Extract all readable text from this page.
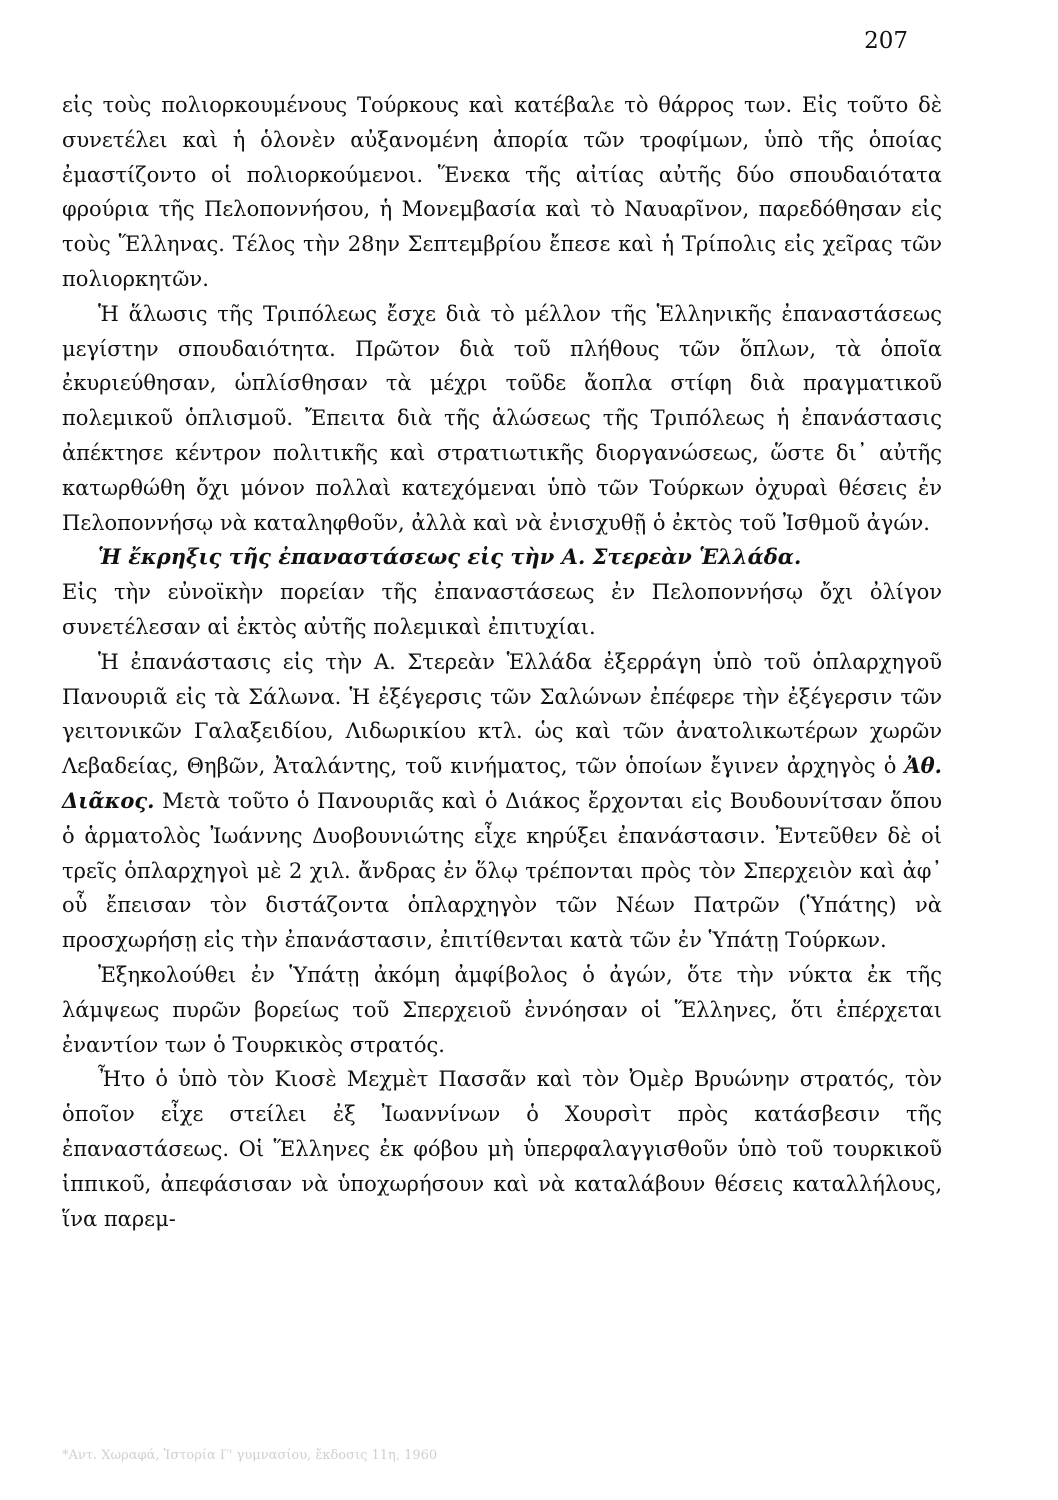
207

εἰς τοὺς πολιορκουμένους Τούρκους καὶ κατέβαλε τὸ θάρρος των. Εἰς τοῦτο δὲ συνετέλει καὶ ἡ ὁλονὲν αὐξανομένη ἀπορία τῶν τροφίμων, ὑπὸ τῆς ὁποίας ἐμαστίζοντο οἱ πολιορκούμενοι. Ἕνεκα τῆς αἰτίας αὐτῆς δύο σπουδαιότατα φρούρια τῆς Πελοποννήσου, ἡ Μονεμβασία καὶ τὸ Ναυαρῖνον, παρεδόθησαν εἰς τοὺς Ἕλληνας. Τέλος τὴν 28ην Σεπτεμβρίου ἔπεσε καὶ ἡ Τρίπολις εἰς χεῖρας τῶν πολιορκητῶν.

Ἡ ἅλωσις τῆς Τριπόλεως ἔσχε διὰ τὸ μέλλον τῆς Ἑλληνικῆς ἐπαναστάσεως μεγίστην σπουδαιότητα. Πρῶτον διὰ τοῦ πλήθους τῶν ὅπλων, τὰ ὁποῖα ἐκυριεύθησαν, ὡπλίσθησαν τὰ μέχρι τοῦδε ἄοπλα στίφη διὰ πραγματικοῦ πολεμικοῦ ὁπλισμοῦ. Ἔπειτα διὰ τῆς ἁλώσεως τῆς Τριπόλεως ἡ ἐπανάστασις ἀπέκτησε κέντρον πολιτικῆς καὶ στρατιωτικῆς διοργανώσεως, ὥστε δι᾽ αὐτῆς κατωρθώθη ὄχι μόνον πολλαὶ κατεχόμεναι ὑπὸ τῶν Τούρκων ὀχυραὶ θέσεις ἐν Πελοποννήσῳ νὰ καταληφθοῦν, ἀλλὰ καὶ νὰ ἐνισχυθῇ ὁ ἐκτὸς τοῦ Ἰσθμοῦ ἀγών.

Ἡ ἔκρηξις τῆς ἐπαναστάσεως εἰς τὴν Α. Στερεὰν Ἑλλάδα.
Εἰς τὴν εὐνοϊκὴν πορείαν τῆς ἐπαναστάσεως ἐν Πελοποννήσῳ ὄχι ὀλίγον συνετέλεσαν αἱ ἐκτὸς αὐτῆς πολεμικαὶ ἐπιτυχίαι.

Ἡ ἐπανάστασις εἰς τὴν Α. Στερεὰν Ἑλλάδα ἐξερράγη ὑπὸ τοῦ ὁπλαρχηγοῦ Πανουριᾶ εἰς τὰ Σάλωνα. Ἡ ἐξέγερσις τῶν Σαλώνων ἐπέφερε τὴν ἐξέγερσιν τῶν γειτονικῶν Γαλαξειδίου, Λιδωρικίου κτλ. ὡς καὶ τῶν ἀνατολικωτέρων χωρῶν Λεβαδείας, Θηβῶν, Ἀταλάντης, τοῦ κινήματος, τῶν ὁποίων ἔγινεν ἀρχηγὸς ὁ Ἀθ. Διᾶκος. Μετὰ τοῦτο ὁ Πανουριᾶς καὶ ὁ Διάκος ἔρχονται εἰς Βουδουνίτσαν ὅπου ὁ ἁρματολὸς Ἰωάννης Δυοβουνιώτης εἶχε κηρύξει ἐπανάστασιν. Ἐντεῦθεν δὲ οἱ τρεῖς ὁπλαρχηγοὶ μὲ 2 χιλ. ἄνδρας ἐν ὅλῳ τρέπονται πρὸς τὸν Σπερχειὸν καὶ ἀφ᾽ οὗ ἔπεισαν τὸν διστάζοντα ὁπλαρχηγὸν τῶν Νέων Πατρῶν (Ὑπάτης) νὰ προσχωρήσῃ εἰς τὴν ἐπανάστασιν, ἐπιτίθενται κατὰ τῶν ἐν Ὑπάτῃ Τούρκων.

Ἐξηκολούθει ἐν Ὑπάτῃ ἀκόμη ἀμφίβολος ὁ ἀγών, ὅτε τὴν νύκτα ἐκ τῆς λάμψεως πυρῶν βορείως τοῦ Σπερχειοῦ ἐννόησαν οἱ Ἕλληνες, ὅτι ἐπέρχεται ἐναντίον των ὁ Τουρκικὸς στρατός.

Ἦτο ὁ ὑπὸ τὸν Κιοσὲ Μεχμὲτ Πασσᾶν καὶ τὸν Ὀμὲρ Βρυώνην στρατός, τὸν ὁποῖον εἶχε στείλει ἐξ Ἰωαννίνων ὁ Χουρσὶτ πρὸς κατάσβεσιν τῆς ἐπαναστάσεως. Οἱ Ἕλληνες ἐκ φόβου μὴ ὑπερφαλαγγισθοῦν ὑπὸ τοῦ τουρκικοῦ ἱππικοῦ, ἀπεφάσισαν νὰ ὑποχωρήσουν καὶ νὰ καταλάβουν θέσεις καταλλήλους, ἵνα παρεμ-

*Αντ. Χωραφά, Ἱστορία Γ' γυμνασίου, ἔκδοσις 11η, 1960
